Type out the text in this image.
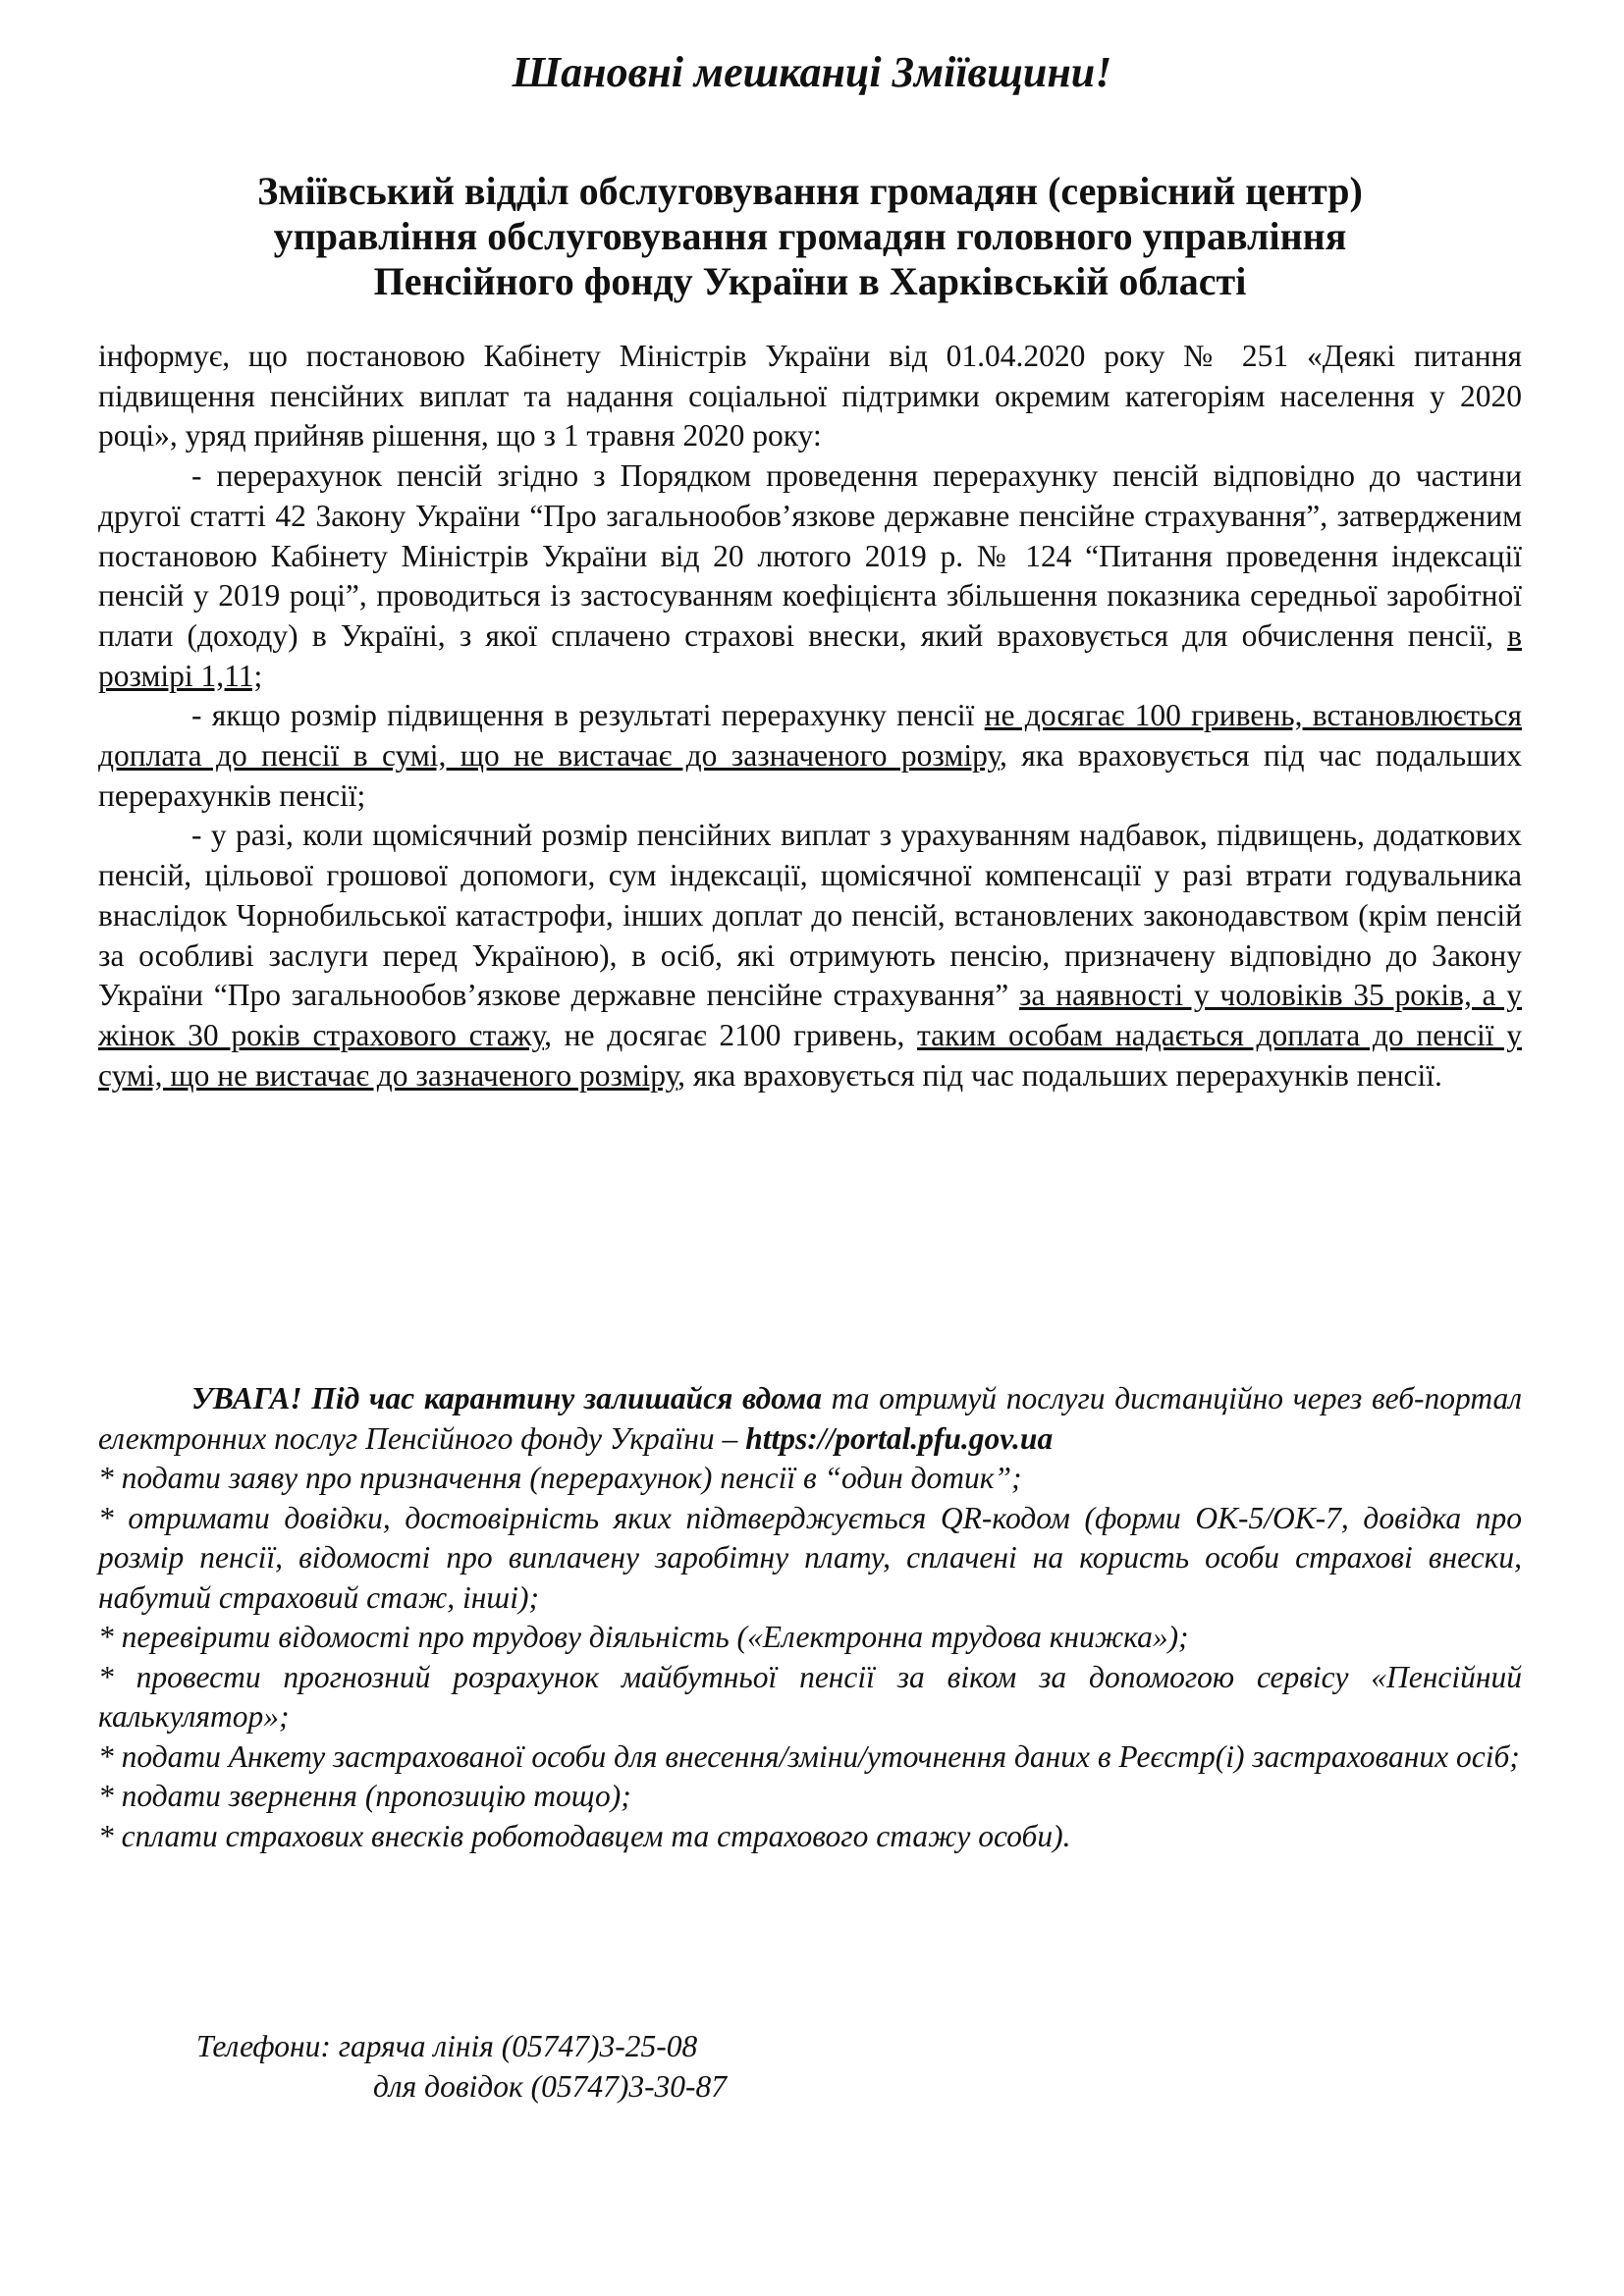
Шановні мешканці Зміївщини!
Зміївський відділ обслуговування громадян (сервісний центр)
управління обслуговування громадян головного управління
Пенсійного фонду України в Харківській області

інформує, що постановою Кабінету Міністрів України від 01.04.2020 року № 251 «Деякі питання підвищення пенсійних виплат та надання соціальної підтримки окремим категоріям населення у 2020 році», уряд прийняв рішення, що з 1 травня 2020 року:

- перерахунок пенсій згідно з Порядком проведення перерахунку пенсій відповідно до частини другої статті 42 Закону України “Про загальнообов’язкове державне пенсійне страхування”, затвердженим постановою Кабінету Міністрів України від 20 лютого 2019 р. № 124 “Питання проведення індексації пенсій у 2019 році”, проводиться із застосуванням коефіцієнта збільшення показника середньої заробітної плати (доходу) в Україні, з якої сплачено страхові внески, який враховується для обчислення пенсії, в розмірі 1,11;

- якщо розмір підвищення в результаті перерахунку пенсії не досягає 100 гривень, встановлюється доплата до пенсії в сумі, що не вистачає до зазначеного розміру, яка враховується під час подальших перерахунків пенсії;

- у разі, коли щомісячний розмір пенсійних виплат з урахуванням надбавок, підвищень, додаткових пенсій, цільової грошової допомоги, сум індексації, щомісячної компенсації у разі втрати годувальника внаслідок Чорнобильської катастрофи, інших доплат до пенсій, встановлених законодавством (крім пенсій за особливі заслуги перед Україною), в осіб, які отримують пенсію, призначену відповідно до Закону України “Про загальнообов’язкове державне пенсійне страхування” за наявності у чоловіків 35 років, а у жінок 30 років страхового стажу, не досягає 2100 гривень, таким особам надається доплата до пенсії у сумі, що не вистачає до зазначеного розміру, яка враховується під час подальших перерахунків пенсії.

УВАГА! Під час карантину залишайся вдома та отримуй послуги дистанційно через веб-портал електронних послуг Пенсійного фонду України – https://portal.pfu.gov.ua

* подати заяву про призначення (перерахунок) пенсії в “один дотик”;

* отримати довідки, достовірність яких підтверджується QR-кодом (форми ОК-5/ОК-7, довідка про розмір пенсії, відомості про виплачену заробітну плату, сплачені на користь особи страхові внески, набутий страховий стаж, інші);

* перевірити відомості про трудову діяльність («Електронна трудова книжка»);

* провести прогнозний розрахунок майбутньої пенсії за віком за допомогою сервісу «Пенсійний калькулятор»;

* подати Анкету застрахованої особи для внесення/зміни/уточнення даних в Реєстр(і) застрахованих осіб;

* подати звернення (пропозицію тощо);

* сплати страхових внесків роботодавцем та страхового стажу особи).

Телефони: гаряча лінія (05747)3-25-08
для довідок (05747)3-30-87
